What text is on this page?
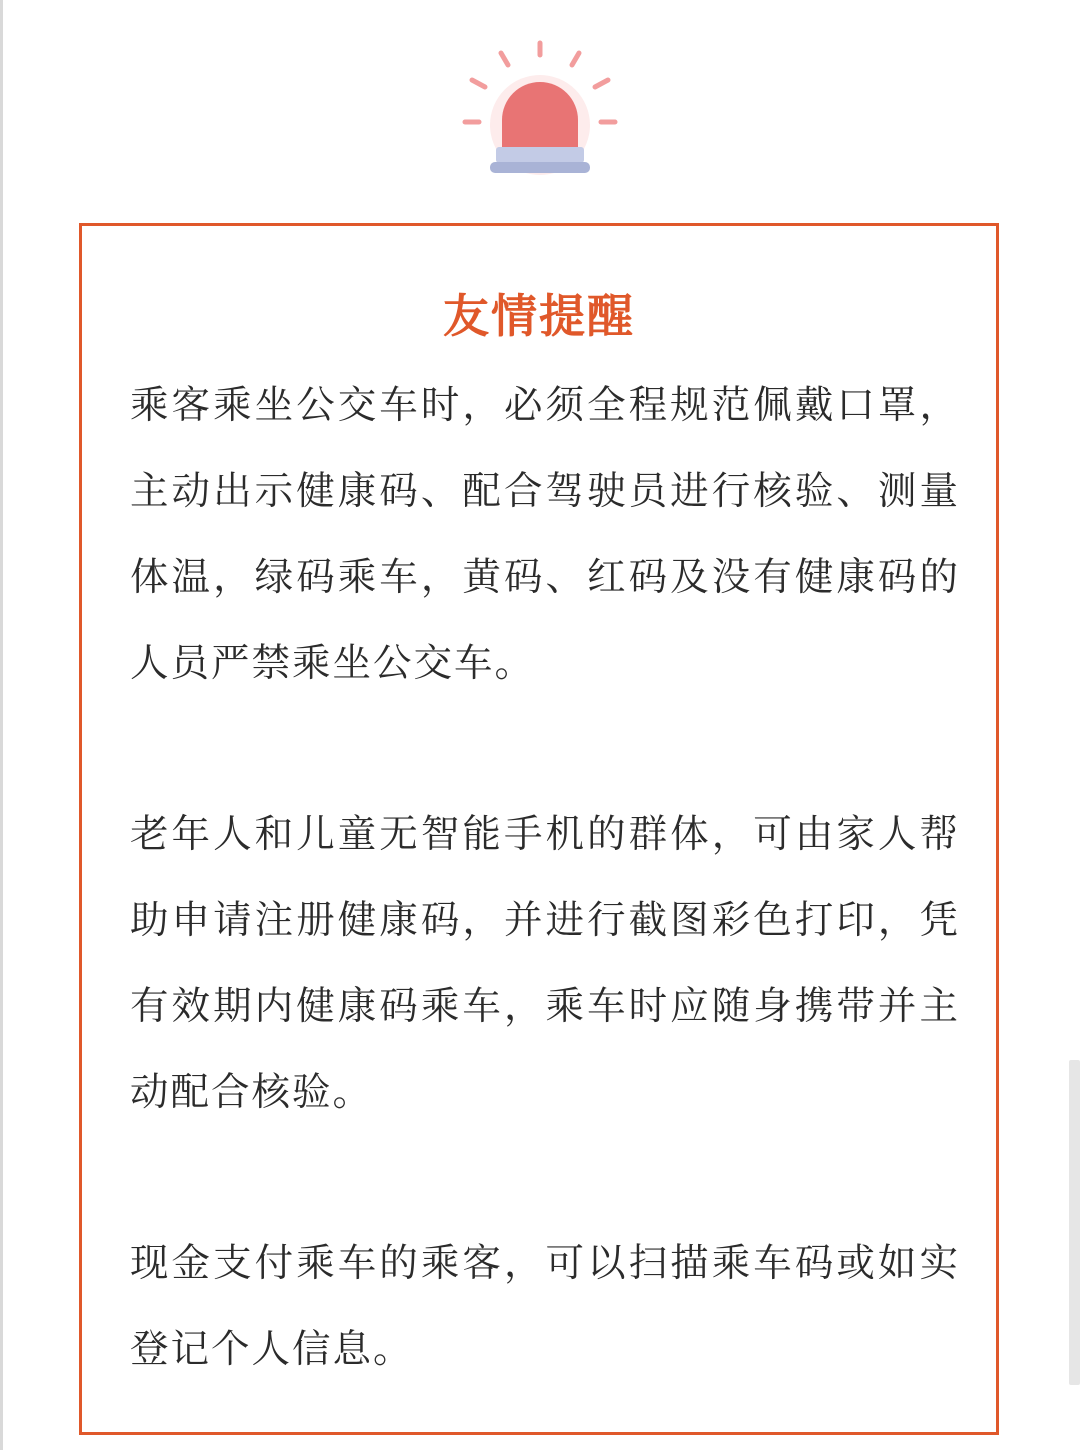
友情提醒

乘客乘坐公交车时，必须全程规范佩戴口罩，主动出示健康码、配合驾驶员进行核验、测量体温，绿码乘车，黄码、红码及没有健康码的人员严禁乘坐公交车。

老年人和儿童无智能手机的群体，可由家人帮助申请注册健康码，并进行截图彩色打印，凭有效期内健康码乘车，乘车时应随身携带并主动配合核验。

现金支付乘车的乘客，可以扫描乘车码或如实登记个人信息。
